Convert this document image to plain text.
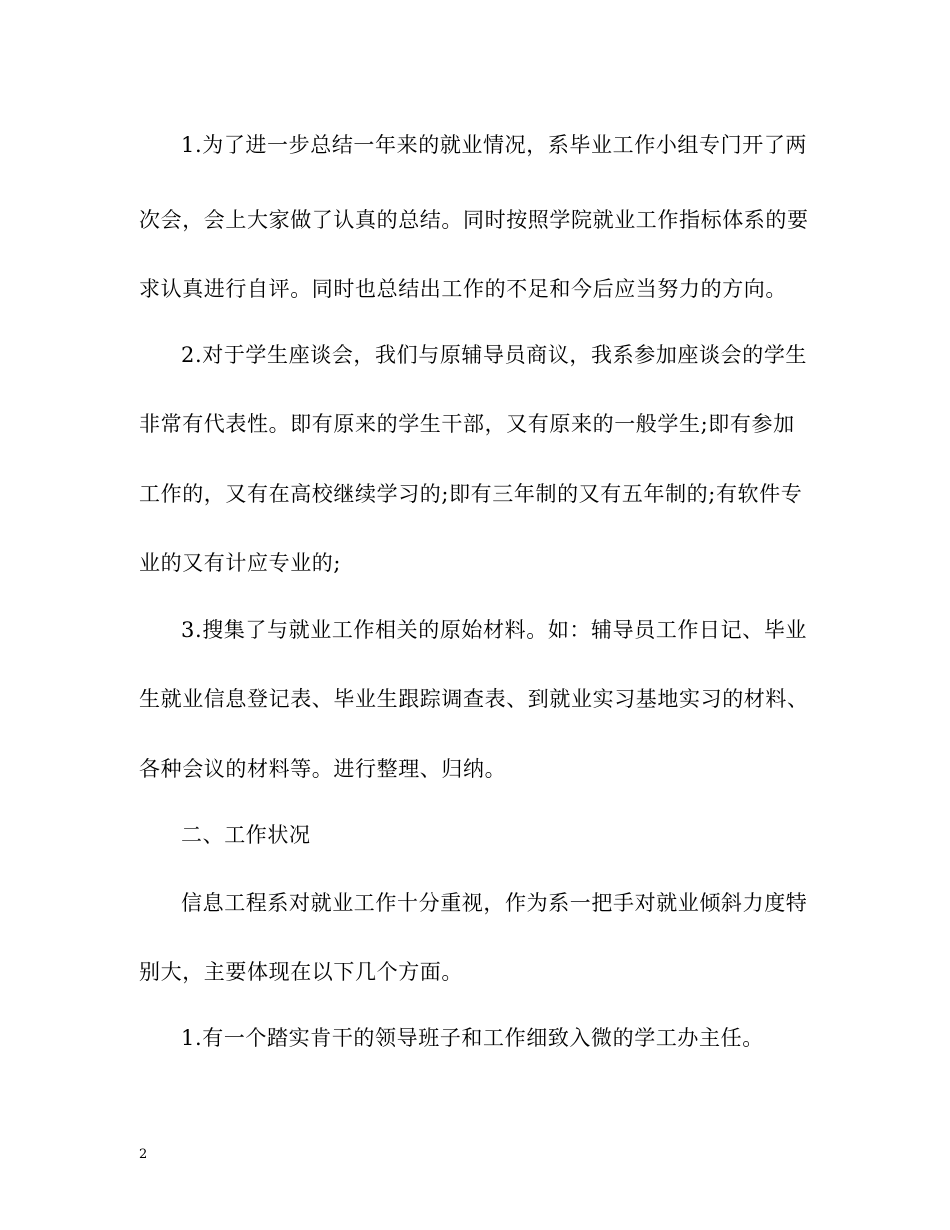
1.为了进一步总结一年来的就业情况，系毕业工作小组专门开了两
次会，会上大家做了认真的总结。同时按照学院就业工作指标体系的要
求认真进行自评。同时也总结出工作的不足和今后应当努力的方向。
2.对于学生座谈会，我们与原辅导员商议，我系参加座谈会的学生
非常有代表性。即有原来的学生干部，又有原来的一般学生;即有参加
工作的，又有在高校继续学习的;即有三年制的又有五年制的;有软件专
业的又有计应专业的;
3.搜集了与就业工作相关的原始材料。如：辅导员工作日记、毕业
生就业信息登记表、毕业生跟踪调查表、到就业实习基地实习的材料、
各种会议的材料等。进行整理、归纳。
二、工作状况
信息工程系对就业工作十分重视，作为系一把手对就业倾斜力度特
别大，主要体现在以下几个方面。
1.有一个踏实肯干的领导班子和工作细致入微的学工办主任。
2
